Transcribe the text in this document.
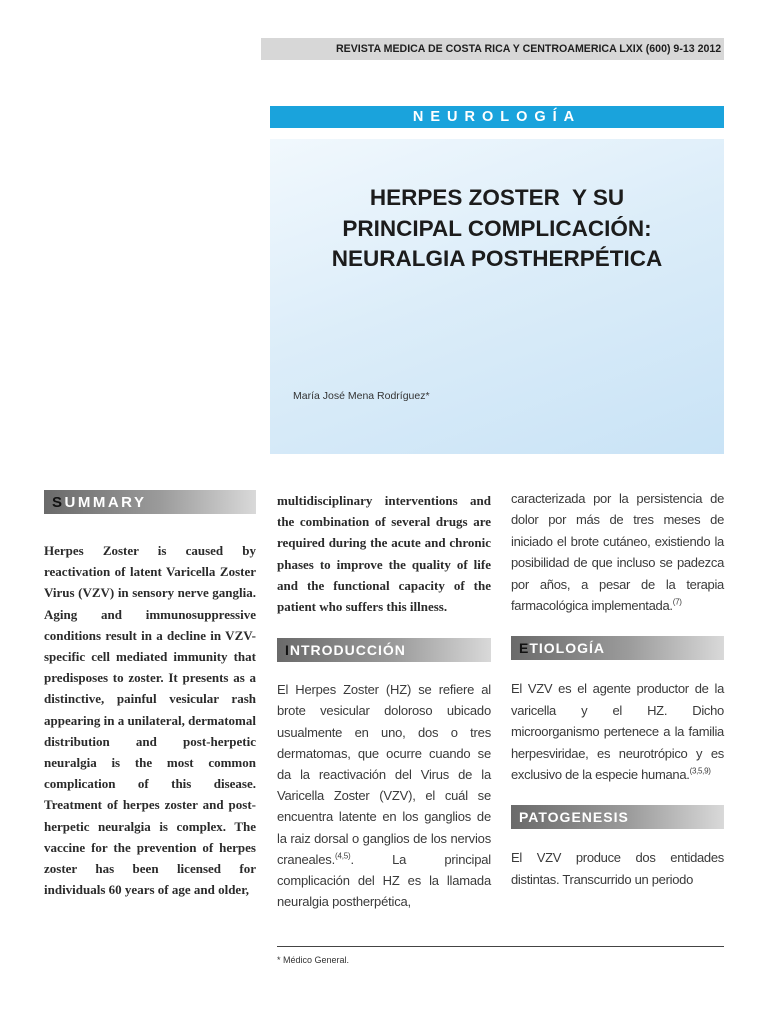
REVISTA MEDICA DE COSTA RICA Y CENTROAMERICA LXIX (600) 9-13 2012
NEUROLOGÍA
HERPES ZOSTER  Y SU
PRINCIPAL COMPLICACIÓN:
NEURALGIA POSTHERPÉTICA
María José Mena Rodríguez*
S UMMARY

Herpes Zoster is caused by reactivation of latent Varicella Zoster Virus (VZV) in sensory nerve ganglia. Aging and immunosuppressive conditions result in a decline in VZV-specific cell mediated immunity that predisposes to zoster. It presents as a distinctive, painful vesicular rash appearing in a unilateral, dermatomal distribution and post-herpetic neuralgia is the most common complication of this disease. Treatment of herpes zoster and post-herpetic neuralgia is complex. The vaccine for the prevention of herpes zoster has been licensed for individuals 60 years of age and older,

multidisciplinary interventions and the combination of several drugs are required during the acute and chronic phases to improve the quality of life and the functional capacity of the patient who suffers this illness.

I NTRODUCCIÓN

El Herpes Zoster (HZ) se refiere al brote vesicular doloroso ubicado usualmente en uno, dos o tres dermatomas, que ocurre cuando se da la reactivación del Virus de la Varicella Zoster (VZV), el cuál se encuentra latente en los ganglios de la raiz dorsal o ganglios de los nervios craneales.$^{(4,5)}$. La principal complicación del HZ es la llamada neuralgia postherpética,

caracterizada por la persistencia de dolor por más de tres meses de iniciado el brote cutáneo, existiendo la posibilidad de que incluso se padezca por años, a pesar de la terapia farmacológica implementada.$^{(7)}$

E TIOLOGÍA

El VZV es el agente productor de la varicella y el HZ. Dicho microorganismo pertenece a la familia herpesviridae, es neurotrópico y es exclusivo de la especie humana.$^{(3,5,9)}$

PATOGENESIS

El VZV produce dos entidades distintas. Transcurrido un periodo

* Médico General.
